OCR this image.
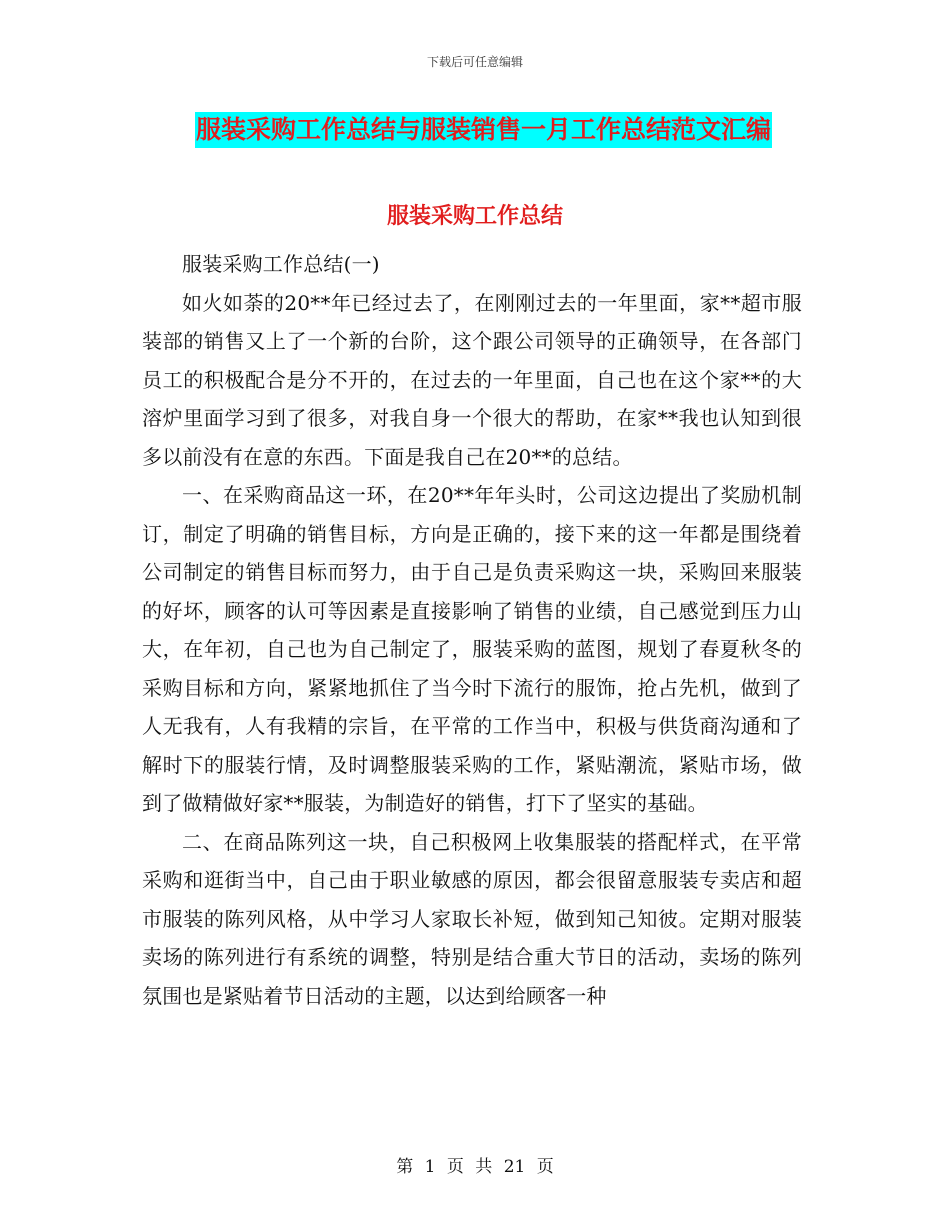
下载后可任意编辑
服装采购工作总结与服装销售一月工作总结范文汇编
服装采购工作总结

服装采购工作总结(一)

如火如荼的20**年已经过去了，在刚刚过去的一年里面，家**超市服装部的销售又上了一个新的台阶，这个跟公司领导的正确领导，在各部门员工的积极配合是分不开的，在过去的一年里面，自己也在这个家**的大溶炉里面学习到了很多，对我自身一个很大的帮助，在家**我也认知到很多以前没有在意的东西。下面是我自己在20**的总结。

一、在采购商品这一环，在20**年年头时，公司这边提出了奖励机制订，制定了明确的销售目标，方向是正确的，接下来的这一年都是围绕着公司制定的销售目标而努力，由于自己是负责采购这一块，采购回来服装的好坏，顾客的认可等因素是直接影响了销售的业绩，自己感觉到压力山大，在年初，自己也为自己制定了，服装采购的蓝图，规划了春夏秋冬的采购目标和方向，紧紧地抓住了当今时下流行的服饰，抢占先机，做到了人无我有，人有我精的宗旨，在平常的工作当中，积极与供货商沟通和了解时下的服装行情，及时调整服装采购的工作，紧贴潮流，紧贴市场，做到了做精做好家**服装，为制造好的销售，打下了坚实的基础。

二、在商品陈列这一块，自己积极网上收集服装的搭配样式，在平常采购和逛街当中，自己由于职业敏感的原因，都会很留意服装专卖店和超市服装的陈列风格，从中学习人家取长补短，做到知己知彼。定期对服装卖场的陈列进行有系统的调整，特别是结合重大节日的活动，卖场的陈列氛围也是紧贴着节日活动的主题，以达到给顾客一种

第 1 页 共 21 页
